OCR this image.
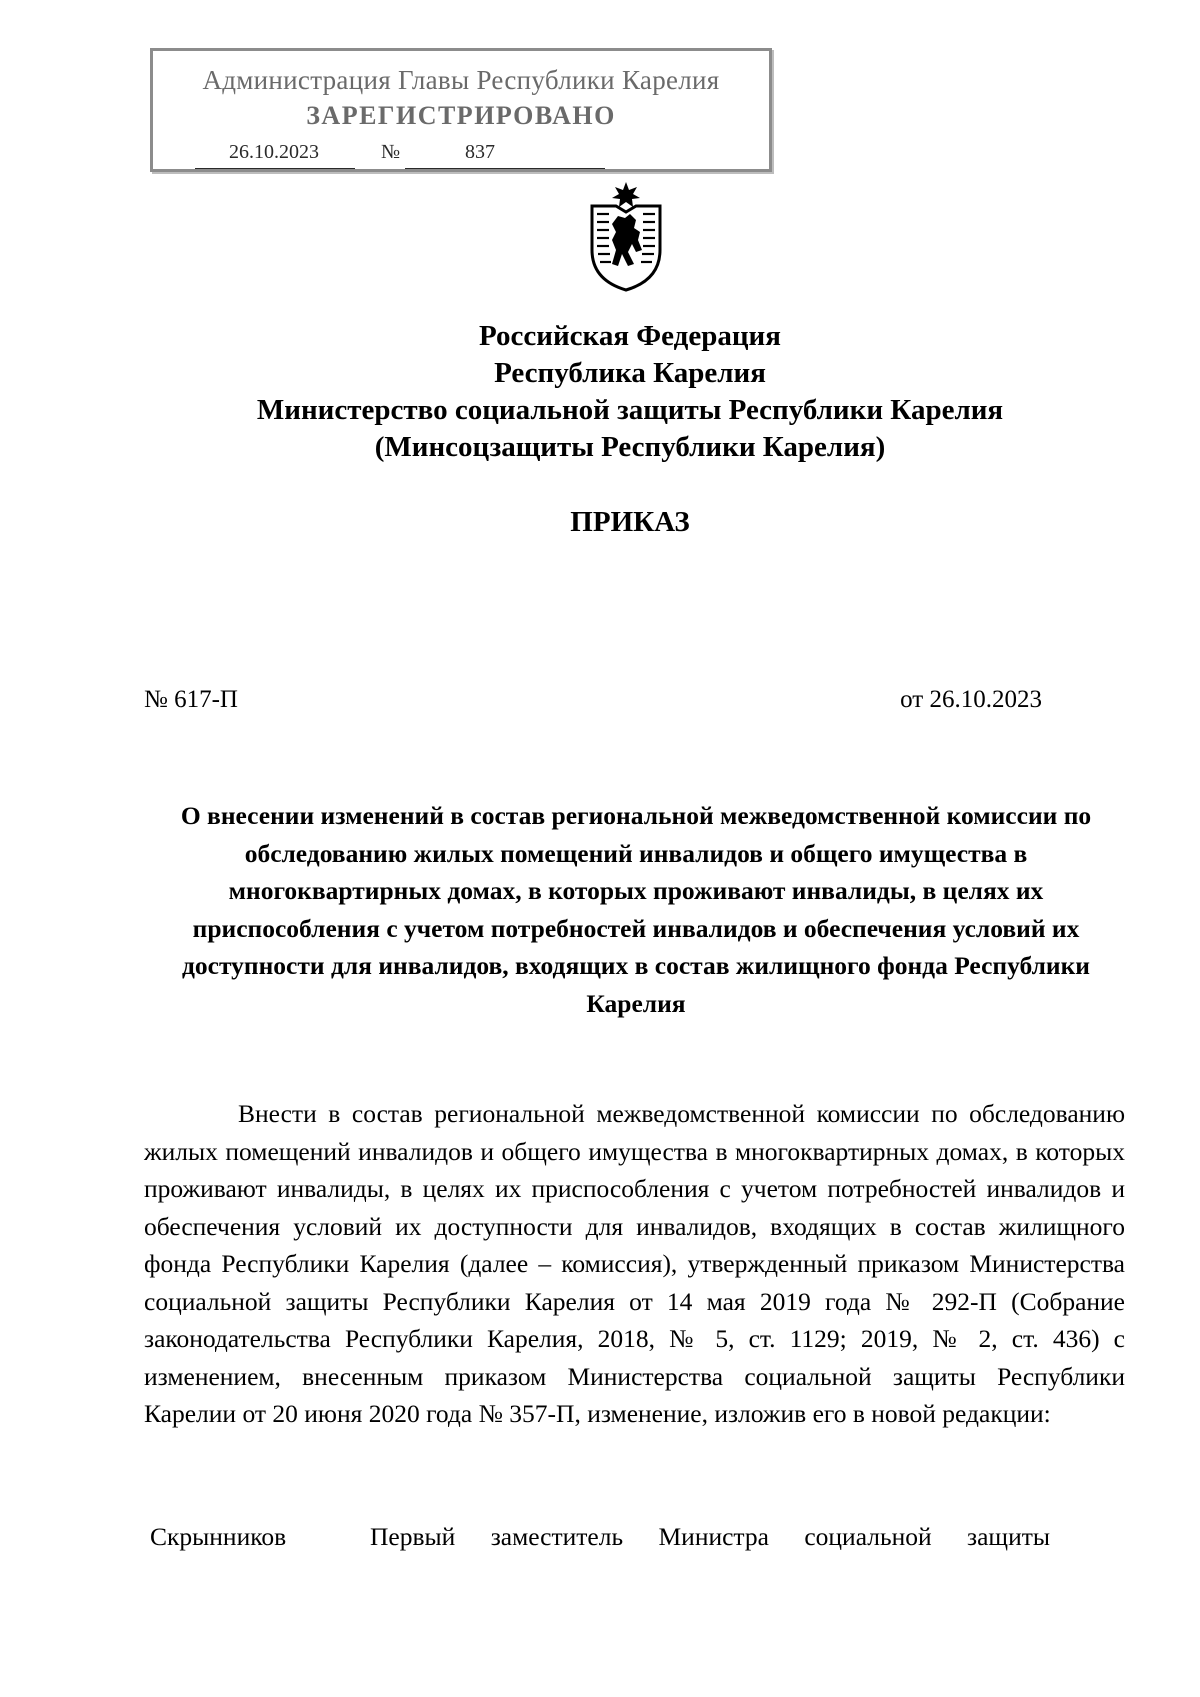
Администрация Главы Республики Карелия
ЗАРЕГИСТРИРОВАНО
26.10.2023	№	837
Российская Федерация
Республика Карелия
Министерство социальной защиты Республики Карелия
(Минсоцзащиты Республики Карелия)
ПРИКАЗ
№ 617-П	от 26.10.2023
О внесении изменений в состав региональной межведомственной комиссии по обследованию жилых помещений инвалидов и общего имущества в многоквартирных домах, в которых проживают инвалиды, в целях их приспособления с учетом потребностей инвалидов и обеспечения условий их доступности для инвалидов, входящих в состав жилищного фонда Республики Карелия

Внести в состав региональной межведомственной комиссии по обследованию жилых помещений инвалидов и общего имущества в многоквартирных домах, в которых проживают инвалиды, в целях их приспособления с учетом потребностей инвалидов и обеспечения условий их доступности для инвалидов, входящих в состав жилищного фонда Республики Карелия (далее – комиссия), утвержденный приказом Министерства социальной защиты Республики Карелия от 14 мая 2019 года № 292-П (Собрание законодательства Республики Карелия, 2018, № 5, ст. 1129; 2019, № 2, ст. 436) с изменением, внесенным приказом Министерства социальной защиты Республики Карелии от 20 июня 2020 года № 357-П, изменение, изложив его в новой редакции:

Скрынников	Первый заместитель Министра социальной защиты
